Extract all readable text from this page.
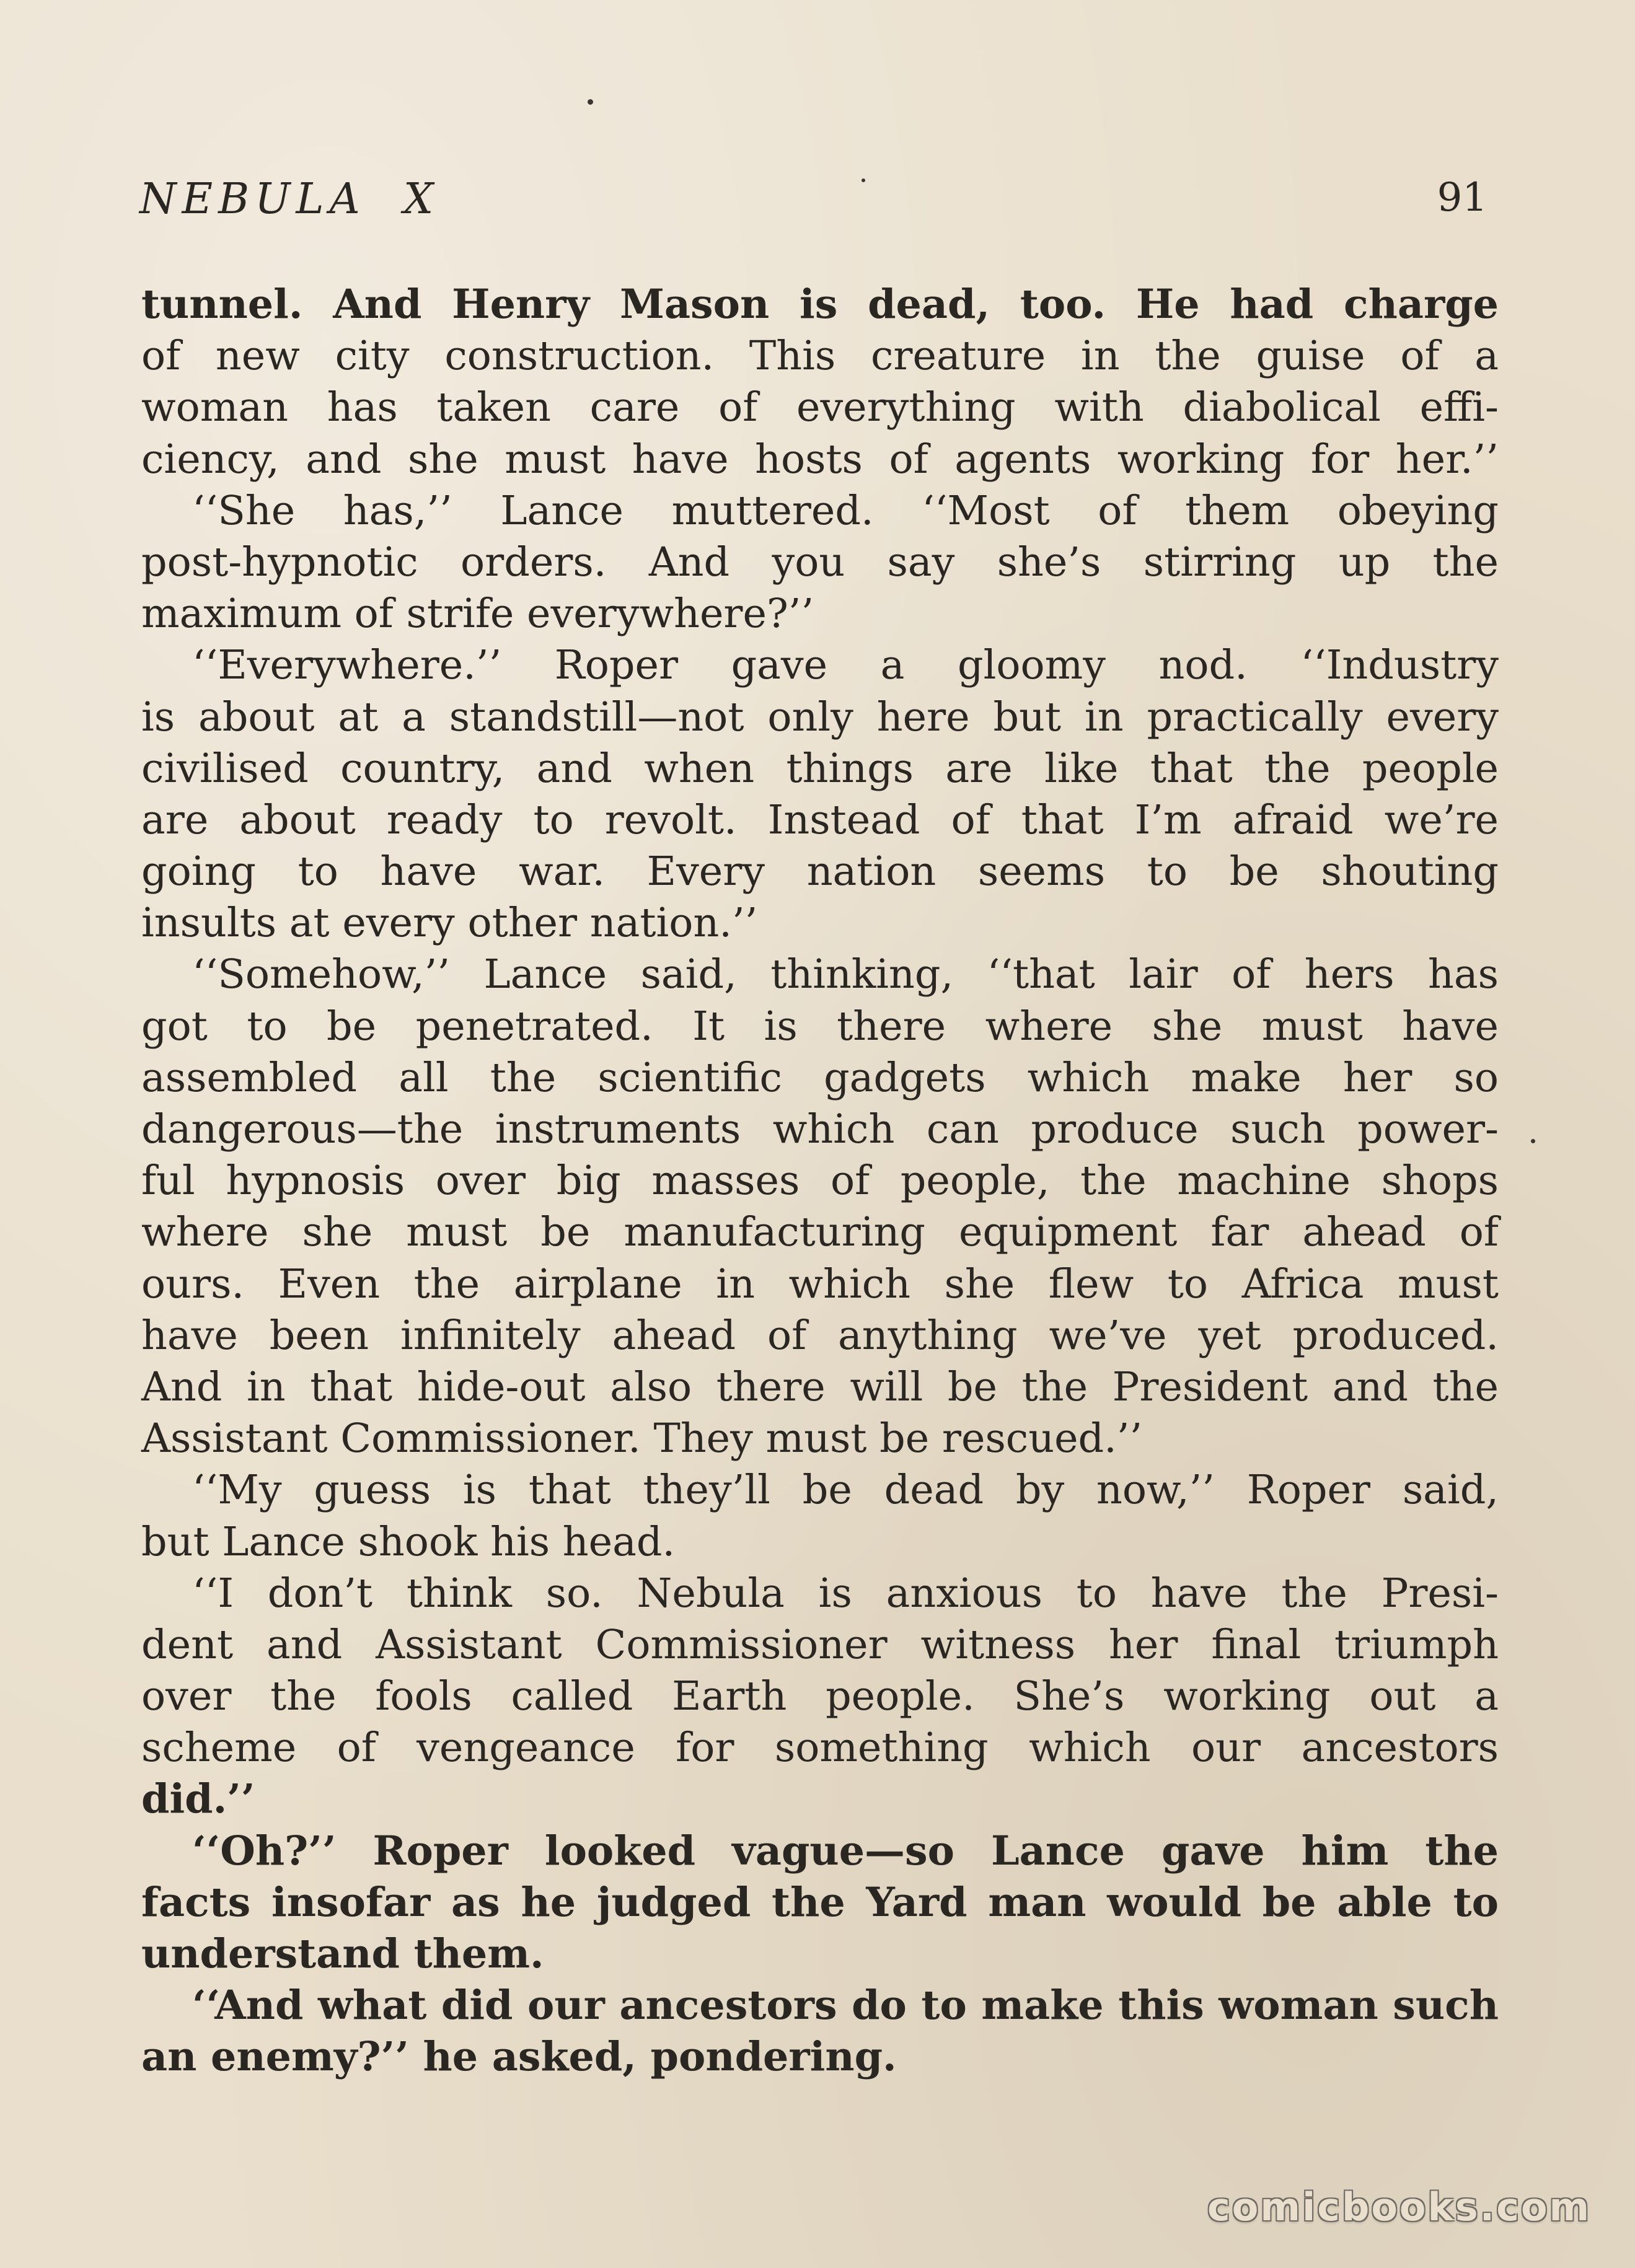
NEBULA  X	91
tunnel. And Henry Mason is dead, too. He had charge
of new city construction. This creature in the guise of a
woman has taken care of everything with diabolical effi-
ciency, and she must have hosts of agents working for her.’’
‘‘She has,’’ Lance muttered. ‘‘Most of them obeying
post-hypnotic orders. And you say she’s stirring up the
maximum of strife everywhere?’’
‘‘Everywhere.’’ Roper gave a gloomy nod. ‘‘Industry
is about at a standstill—not only here but in practically every
civilised country, and when things are like that the people
are about ready to revolt. Instead of that I’m afraid we’re
going to have war. Every nation seems to be shouting
insults at every other nation.’’
‘‘Somehow,’’ Lance said, thinking, ‘‘that lair of hers has
got to be penetrated. It is there where she must have
assembled all the scientific gadgets which make her so
dangerous—the instruments which can produce such power-
ful hypnosis over big masses of people, the machine shops
where she must be manufacturing equipment far ahead of
ours. Even the airplane in which she flew to Africa must
have been infinitely ahead of anything we’ve yet produced.
And in that hide-out also there will be the President and the
Assistant Commissioner. They must be rescued.’’
‘‘My guess is that they’ll be dead by now,’’ Roper said,
but Lance shook his head.
‘‘I don’t think so. Nebula is anxious to have the Presi-
dent and Assistant Commissioner witness her final triumph
over the fools called Earth people. She’s working out a
scheme of vengeance for something which our ancestors
did.’’
‘‘Oh?’’ Roper looked vague—so Lance gave him the
facts insofar as he judged the Yard man would be able to
understand them.
‘‘And what did our ancestors do to make this woman such
an enemy?’’ he asked, pondering.
comicbooks.com
